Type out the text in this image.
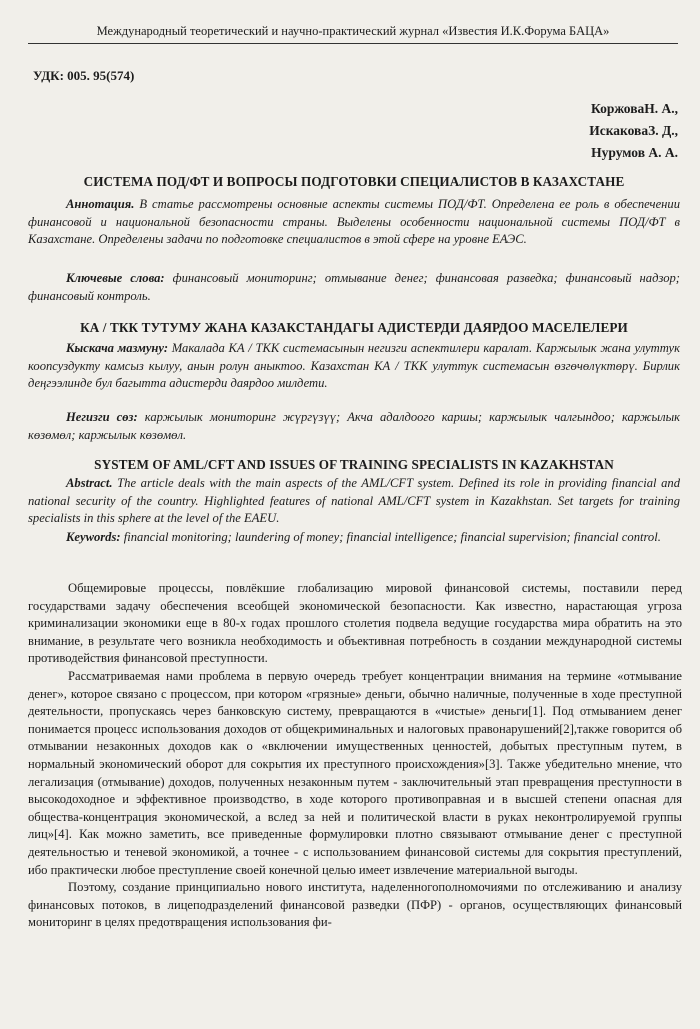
Международный теоретический и научно-практический журнал «Известия И.К.Форума БАЦА»
УДК: 005. 95(574)
КоржоваН. А.,
ИскаковаЗ. Д.,
Нурумов А. А.
СИСТЕМА ПОД/ФТ И ВОПРОСЫ ПОДГОТОВКИ СПЕЦИАЛИСТОВ В КАЗАХСТАНЕ
Аннотация. В статье рассмотрены основные аспекты системы ПОД/ФТ. Определена ее роль в обеспечении финансовой и национальной безопасности страны. Выделены особенности национальной системы ПОД/ФТ в Казахстане. Определены задачи по подготовке специалистов в этой сфере на уровне ЕАЭС.
Ключевые слова: финансовый мониторинг; отмывание денег; финансовая разведка; финансовый надзор; финансовый контроль.
КА / ТКК ТУТУМУ ЖАНА КАЗАКСТАНДАГЫ АДИСТЕРДИ ДАЯРДОО МАСЕЛЕЛЕРИ
Кыскача мазмуну: Макалада КА / ТКК системасынын негизги аспектилери каралат. Каржылык жана улуттук коопсуздукту камсыз кылуу, анын ролун аныктоо. Казахстан КА / ТКК улуттук системасын өзгөчөлүктөрү. Бирлик деңгээлинде бул багытта адистерди даярдоо милдети.
Негизги сөз: каржылык мониторинг жүргүзүү; Акча адалдоого каршы; каржылык чалгындоо; каржылык көзөмөл; каржылык көзөмөл.
SYSTEM OF AML/CFT AND ISSUES OF TRAINING SPECIALISTS IN KAZAKHSTAN
Abstract. The article deals with the main aspects of the AML/CFT system. Defined its role in providing financial and national security of the country. Highlighted features of national AML/CFT system in Kazakhstan. Set targets for training specialists in this sphere at the level of the EAEU.
Keywords: financial monitoring; laundering of money; financial intelligence; financial supervision; financial control.

Общемировые процессы, повлёкшие глобализацию мировой финансовой системы, поставили перед государствами задачу обеспечения всеобщей экономической безопасности. Как известно, нарастающая угроза криминализации экономики еще в 80-х годах прошлого столетия подвела ведущие государства мира обратить на это внимание, в результате чего возникла необходимость и объективная потребность в создании международной системы противодействия финансовой преступности.

Рассматриваемая нами проблема в первую очередь требует концентрации внимания на термине «отмывание денег», которое связано с процессом, при котором «грязные» деньги, обычно наличные, полученные в ходе преступной деятельности, пропускаясь через банковскую систему, превращаются в «чистые» деньги[1]. Под отмыванием денег понимается процесс использования доходов от общекриминальных и налоговых правонарушений[2],также говорится об отмывании незаконных доходов как о «включении имущественных ценностей, добытых преступным путем, в нормальный экономический оборот для сокрытия их преступного происхождения»[3]. Также убедительно мнение, что легализация (отмывание) доходов, полученных незаконным путем - заключительный этап превращения преступности в высокодоходное и эффективное производство, в ходе которого противоправная и в высшей степени опасная для общества-концентрация экономической, а вслед за ней и политической власти в руках неконтролируемой группы лиц»[4]. Как можно заметить, все приведенные формулировки плотно связывают отмывание денег с преступной деятельностью и теневой экономикой, а точнее - с использованием финансовой системы для сокрытия преступлений, ибо практически любое преступление своей конечной целью имеет извлечение материальной выгоды.

Поэтому, создание принципиально нового института, наделенногополномочиями по отслеживанию и анализу финансовых потоков, в лицеподразделений финансовой разведки (ПФР) - органов, осуществляющих финансовый мониторинг в целях предотвращения использования фи-
